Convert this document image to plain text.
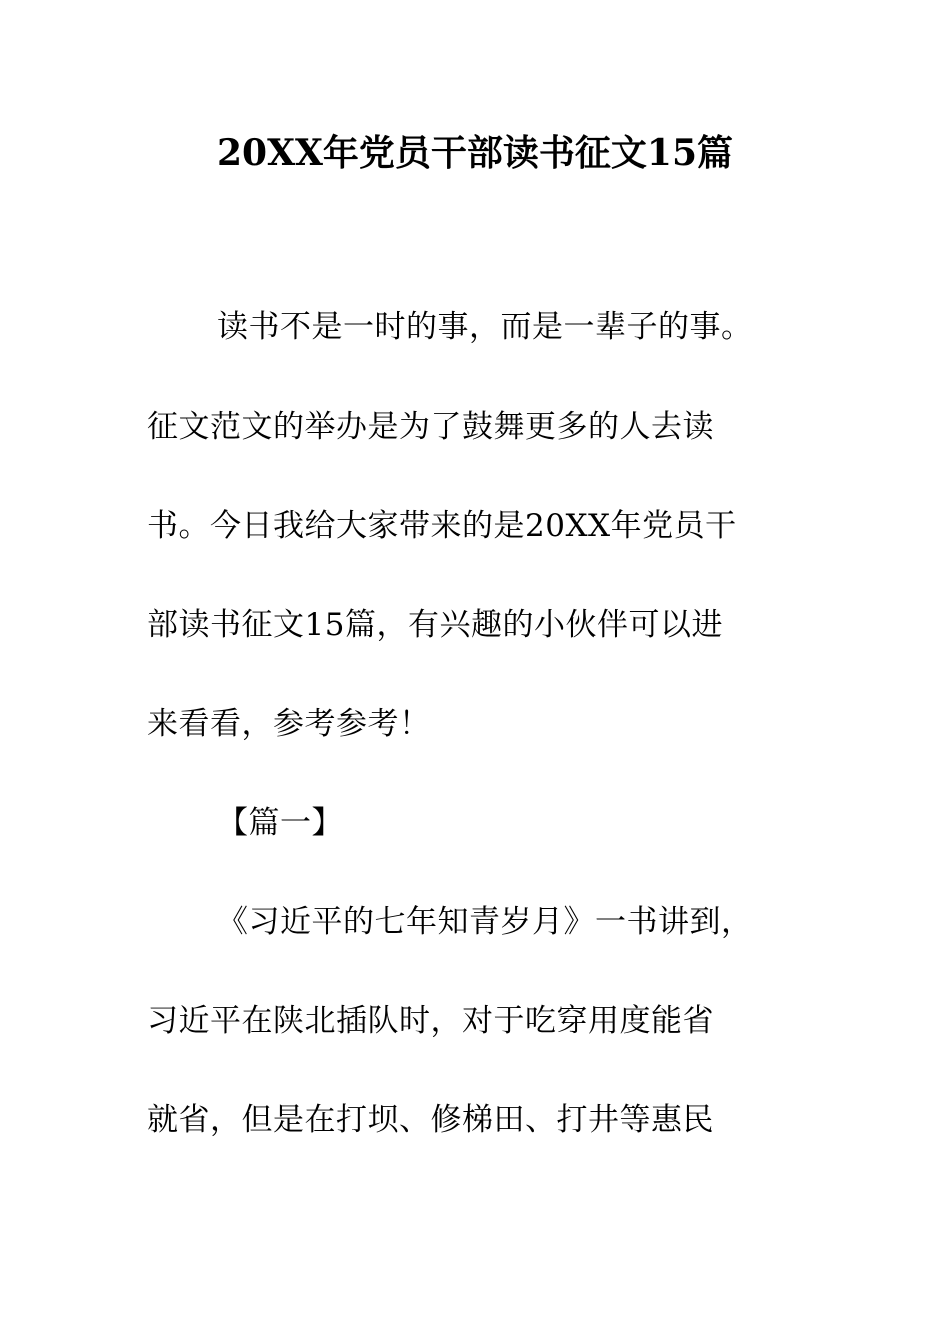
20XX年党员干部读书征文15篇
读书不是一时的事，而是一辈子的事。
征文范文的举办是为了鼓舞更多的人去读
书。今日我给大家带来的是20XX年党员干
部读书征文15篇，有兴趣的小伙伴可以进
来看看，参考参考！
【篇一】
《习近平的七年知青岁月》一书讲到，
习近平在陕北插队时，对于吃穿用度能省
就省，但是在打坝、修梯田、打井等惠民
